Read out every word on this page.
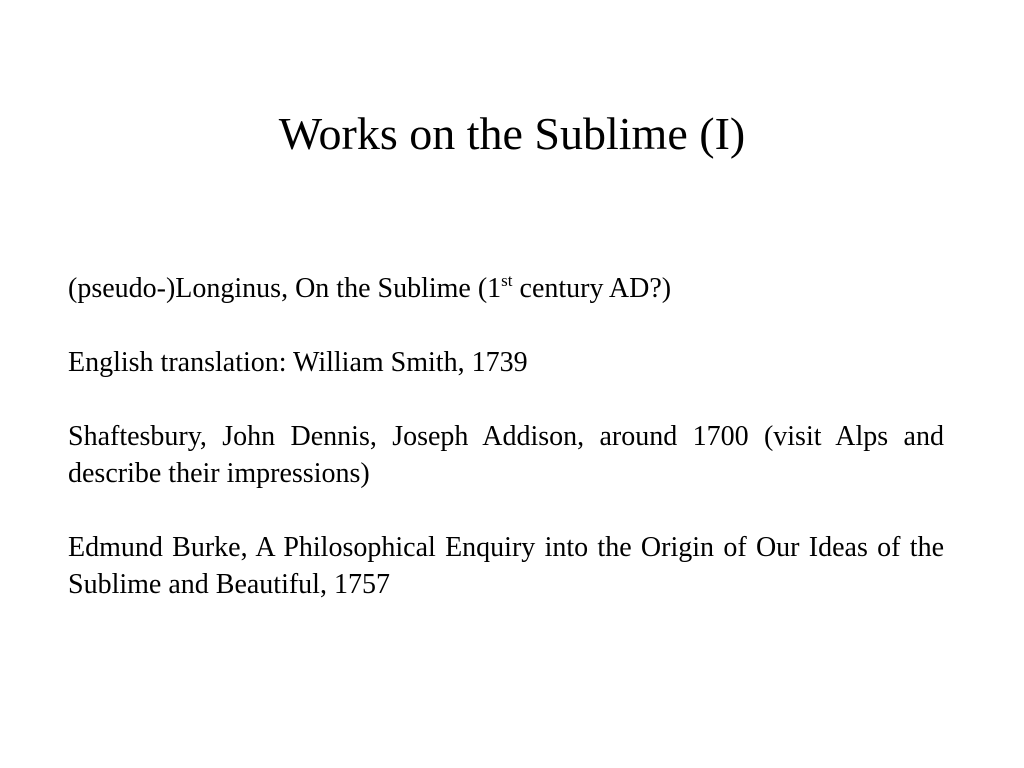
Works on the Sublime (I)

(pseudo-)Longinus, On the Sublime (1st century AD?)

English translation: William Smith, 1739

Shaftesbury, John Dennis, Joseph Addison, around 1700 (visit Alps and describe their impressions)

Edmund Burke, A Philosophical Enquiry into the Origin of Our Ideas of the Sublime and Beautiful, 1757
